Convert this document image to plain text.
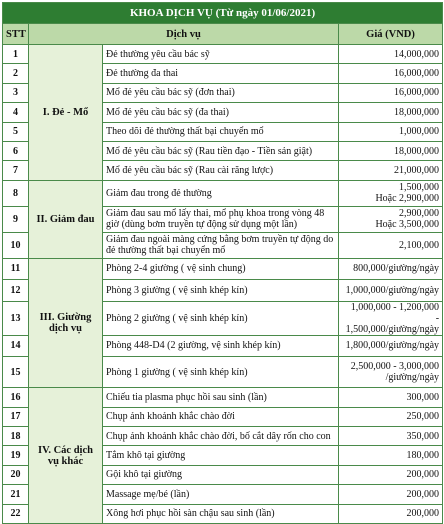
KHOA DỊCH VỤ (Từ ngày 01/06/2021)			
STT	Dịch vụ		Giá (VND)
1	I. Đẻ - Mổ	Đẻ thường yêu cầu bác sỹ	14,000,000
2		Đẻ thường đa thai	16,000,000
3		Mổ đẻ yêu cầu bác sỹ (đơn thai)	16,000,000
4		Mổ đẻ yêu cầu bác sỹ (đa thai)	18,000,000
5		Theo dõi đẻ thường thất bại chuyển mổ	1,000,000
6		Mổ đẻ yêu cầu bác sỹ (Rau tiền đạo - Tiền sản giật)	18,000,000
7		Mổ đẻ yêu cầu bác sỹ (Rau cài răng lược)	21,000,000
8	II. Giảm đau	Giảm đau trong đẻ thường	1,500,000
Hoặc 2,900,000

9		Giảm đau sau mổ lấy thai, mổ phụ khoa trong vòng 48 giờ (dùng bơm truyền tự động sử dụng một lần)	2,900,000
Hoặc 3,500,000

10		Giảm đau ngoài màng cứng bằng bơm truyền tự động do đẻ thường thất bại chuyển mổ	2,100,000
11	III. Giường dịch vụ	Phòng 2-4 giường ( vệ sinh chung)	800,000/giường/ngày
12		Phòng 3 giường ( vệ sinh khép kín)	1,000,000/giường/ngày
13		Phòng 2 giường ( vệ sinh khép kín)	1,000,000 - 1,200,000
- 1,500,000/giường/ngày

14		Phòng 448-D4 (2 giường, vệ sinh khép kín)	1,800,000/giường/ngày
15		Phòng 1 giường ( vệ sinh khép kín)	2,500,000 - 3,000,000
/giường/ngày

16	IV. Các dịch vụ khác	Chiếu tia plasma phục hồi sau sinh (lần)	300,000
17		Chụp ảnh khoảnh khắc chào đời	250,000
18		Chụp ảnh khoảnh khắc chào đời, bố cắt dây rốn cho con	350,000
19		Tắm khô tại giường	180,000
20		Gội khô tại giường	200,000
21		Massage mẹ/bé (lần)	200,000
22		Xông hơi phục hồi sàn chậu sau sinh (lần)	200,000
